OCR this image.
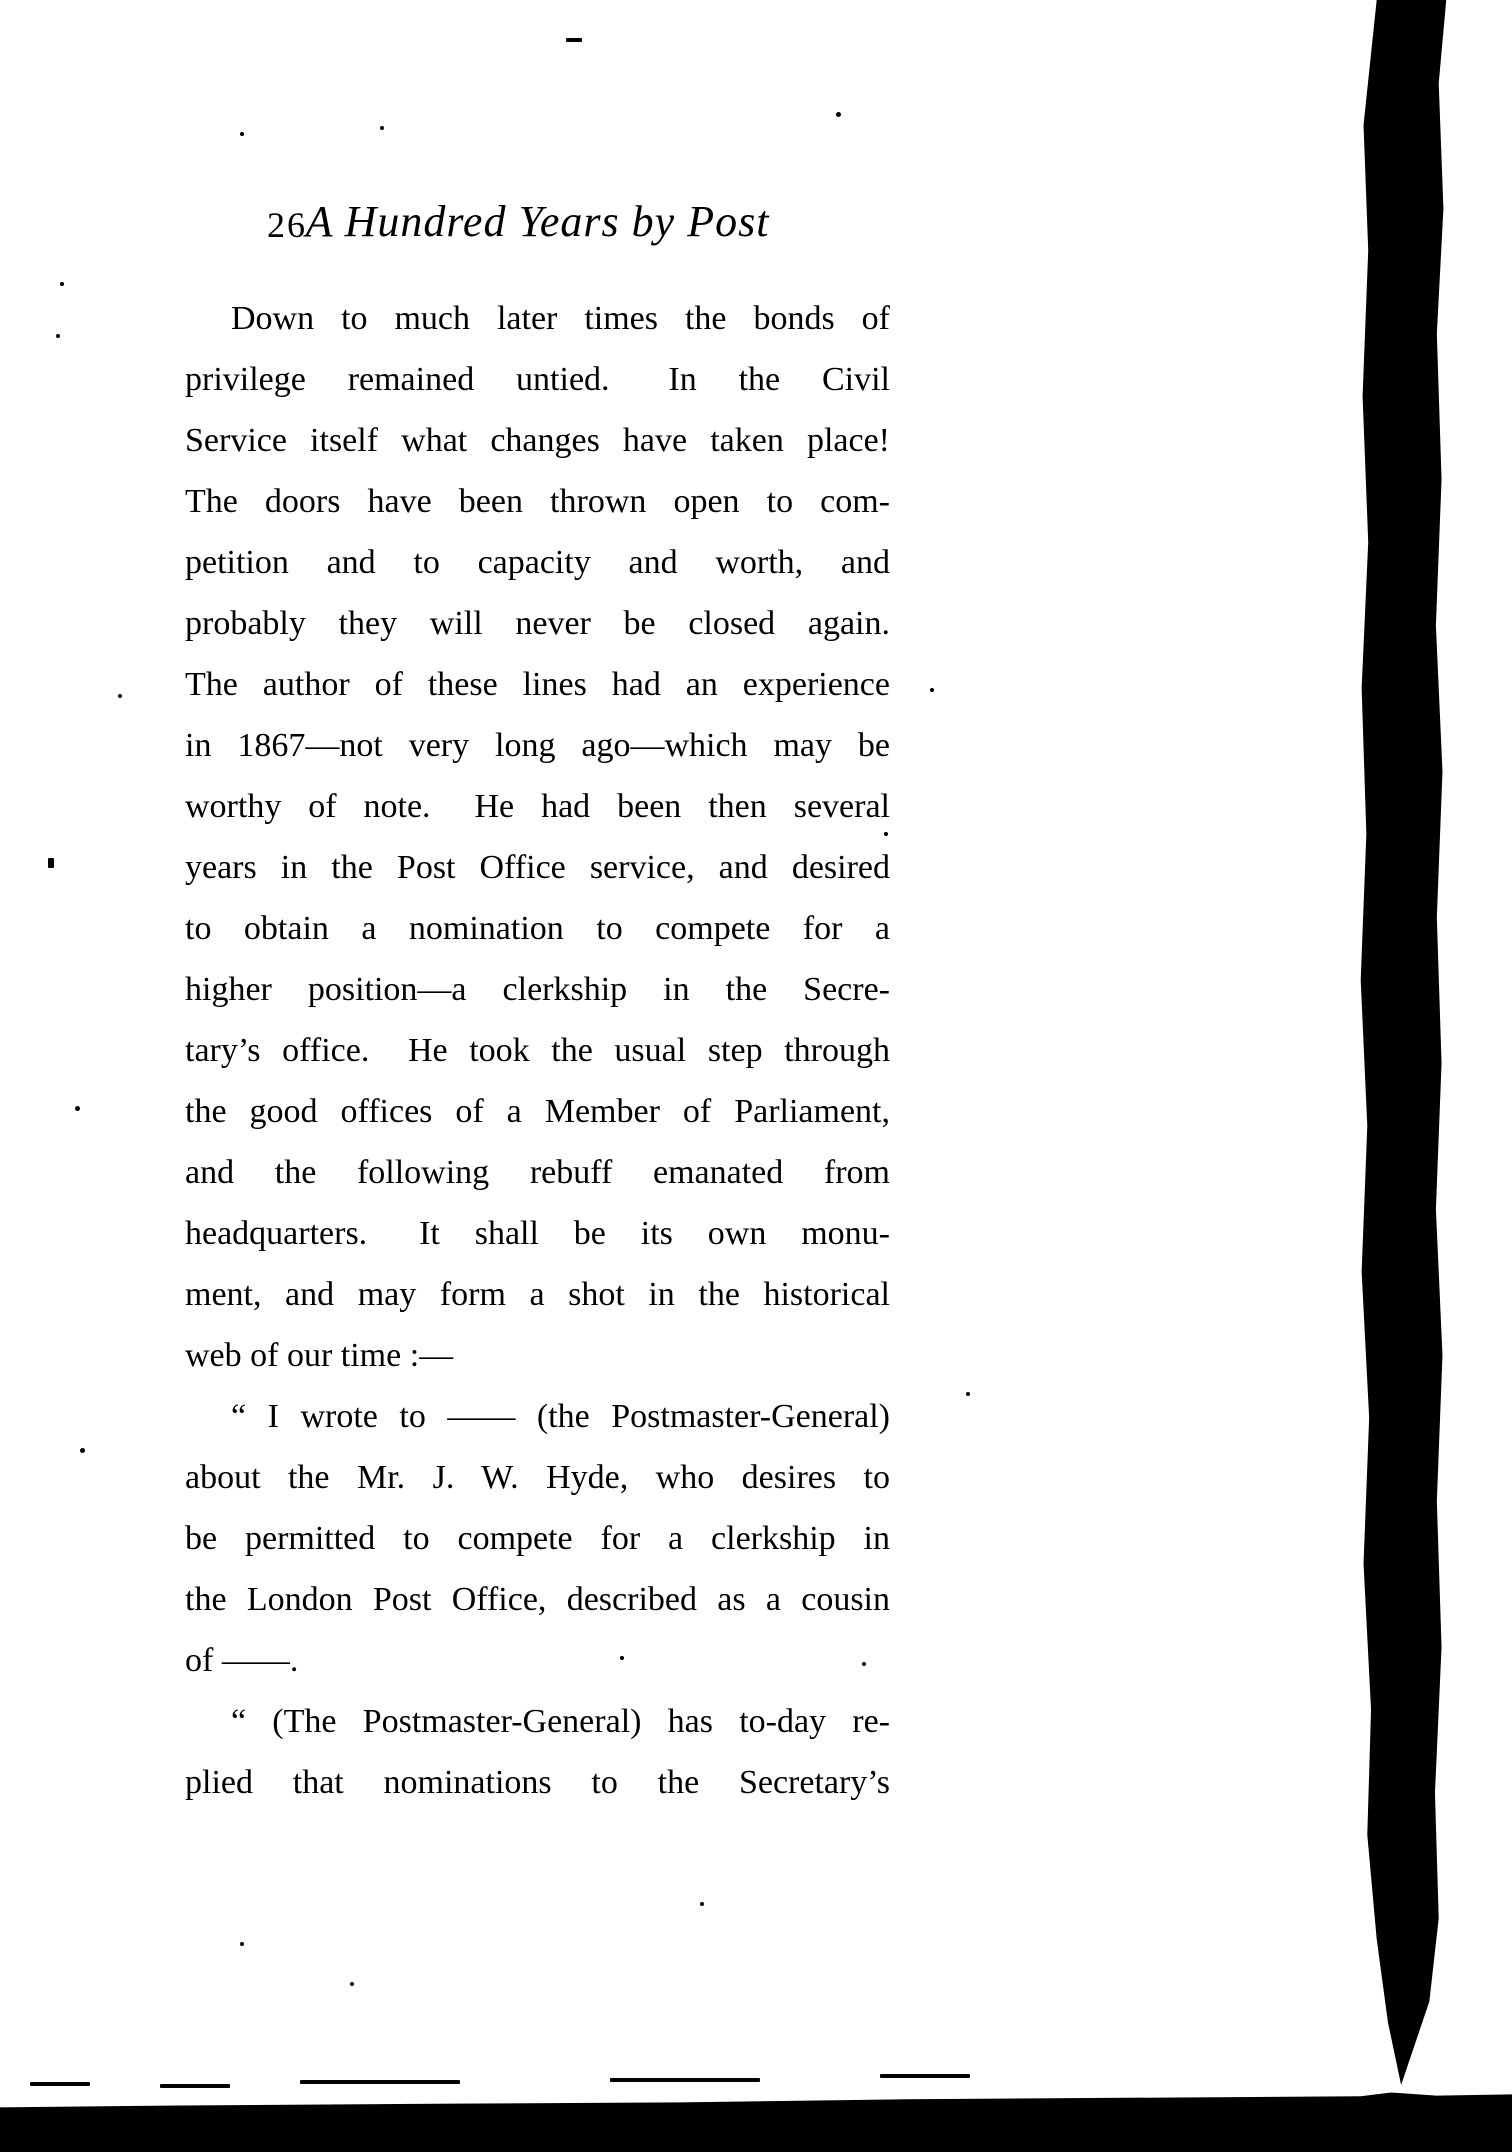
26
A Hundred Years by Post
Down to much later times the bonds of
privilege remained untied.  In the Civil
Service itself what changes have taken place!
The doors have been thrown open to com-
petition and to capacity and worth, and
probably they will never be closed again.
The author of these lines had an experience
in 1867—not very long ago—which may be
worthy of note.  He had been then several
years in the Post Office service, and desired
to obtain a nomination to compete for a
higher position—a clerkship in the Secre-
tary’s office.  He took the usual step through
the good offices of a Member of Parliament,
and the following rebuff emanated from
headquarters.  It shall be its own monu-
ment, and may form a shot in the historical
web of our time :—
“ I wrote to —— (the Postmaster-General)
about the Mr. J. W. Hyde, who desires to
be permitted to compete for a clerkship in
the London Post Office, described as a cousin
of ——.
“ (The Postmaster-General) has to-day re-
plied that nominations to the Secretary’s
